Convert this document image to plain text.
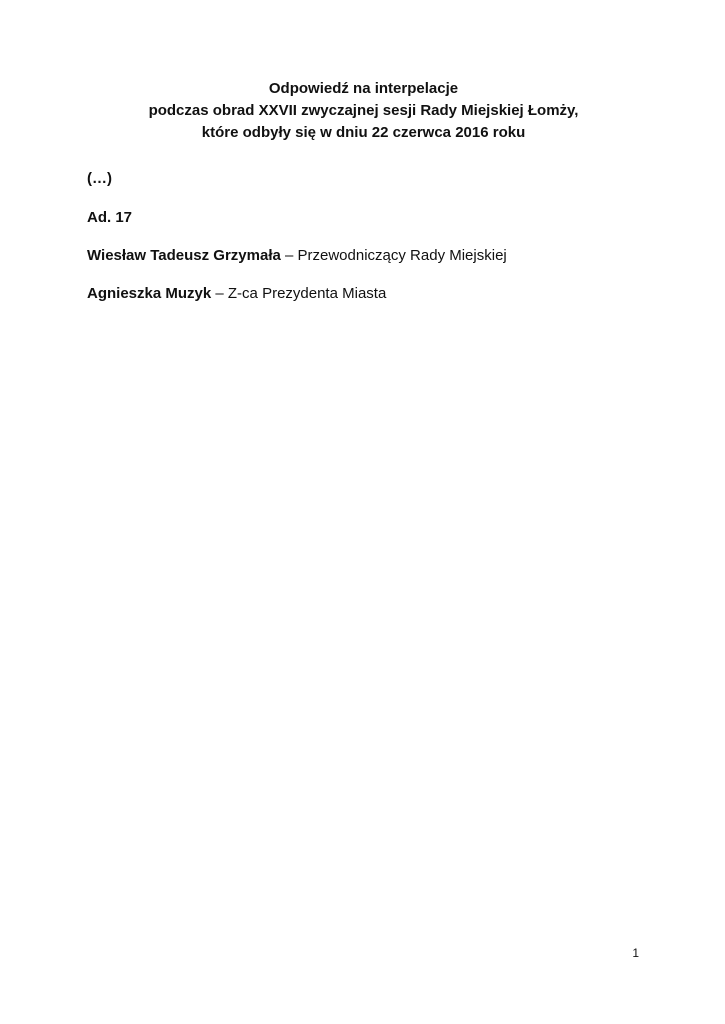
Odpowiedź na interpelacje

podczas obrad XXVII zwyczajnej sesji Rady Miejskiej Łomży,

które odbyły się w dniu 22 czerwca 2016 roku

(…)
Ad. 17
Wiesław Tadeusz Grzymała – Przewodniczący Rady Miejskiej
Agnieszka Muzyk – Z-ca Prezydenta Miasta
1
